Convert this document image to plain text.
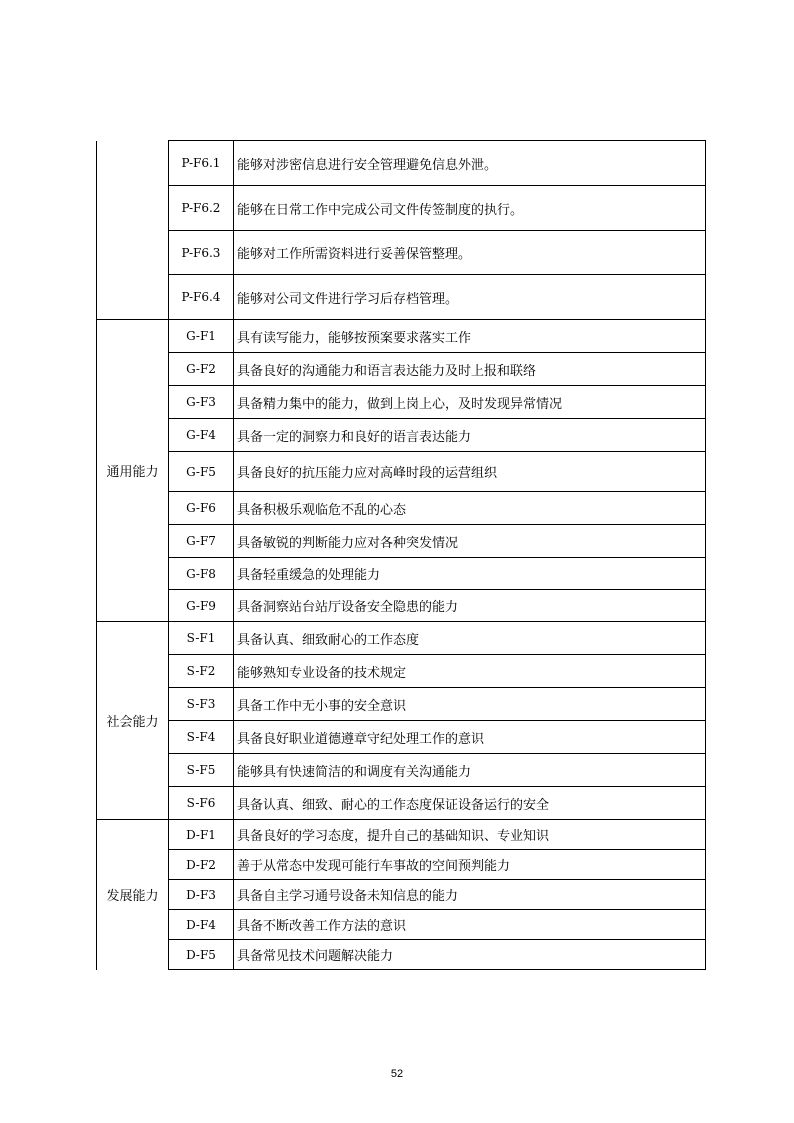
	P-F6.1	能够对涉密信息进行安全管理避免信息外泄。
	P-F6.2	能够在日常工作中完成公司文件传签制度的执行。
	P-F6.3	能够对工作所需资料进行妥善保管整理。
	P-F6.4	能够对公司文件进行学习后存档管理。
通用能力	G-F1	具有读写能力，能够按预案要求落实工作
	G-F2	具备良好的沟通能力和语言表达能力及时上报和联络
	G-F3	具备精力集中的能力，做到上岗上心，及时发现异常情况
	G-F4	具备一定的洞察力和良好的语言表达能力
	G-F5	具备良好的抗压能力应对高峰时段的运营组织
	G-F6	具备积极乐观临危不乱的心态
	G-F7	具备敏锐的判断能力应对各种突发情况
	G-F8	具备轻重缓急的处理能力
	G-F9	具备洞察站台站厅设备安全隐患的能力
社会能力	S-F1	具备认真、细致耐心的工作态度
	S-F2	能够熟知专业设备的技术规定
	S-F3	具备工作中无小事的安全意识
	S-F4	具备良好职业道德遵章守纪处理工作的意识
	S-F5	能够具有快速简洁的和调度有关沟通能力
	S-F6	具备认真、细致、耐心的工作态度保证设备运行的安全
发展能力	D-F1	具备良好的学习态度，提升自己的基础知识、专业知识
	D-F2	善于从常态中发现可能行车事故的空间预判能力
	D-F3	具备自主学习通号设备未知信息的能力
	D-F4	具备不断改善工作方法的意识
	D-F5	具备常见技术问题解决能力
52
